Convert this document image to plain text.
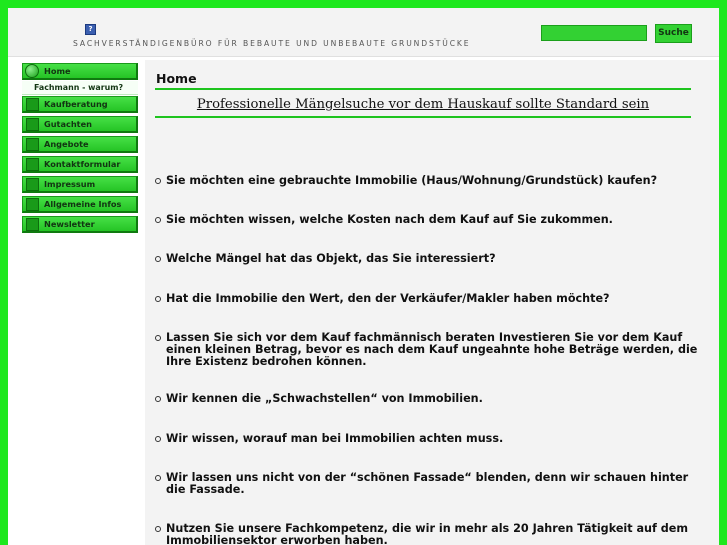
?
SACHVERSTÄNDIGENBÜRO FÜR BEBAUTE UND UNBEBAUTE GRUNDSTÜCKE
Suche
Home
Fachmann - warum?
Kaufberatung
Gutachten
Angebote
Kontaktformular
Impressum
Allgemeine Infos
Newsletter
Home
Professionelle Mängelsuche vor dem Hauskauf sollte Standard sein
Sie möchten eine gebrauchte Immobilie (Haus/Wohnung/Grundstück) kaufen?
Sie möchten wissen, welche Kosten nach dem Kauf auf Sie zukommen.
Welche Mängel hat das Objekt, das Sie interessiert?
Hat die Immobilie den Wert, den der Verkäufer/Makler haben möchte?
Lassen Sie sich vor dem Kauf fachmännisch beraten Investieren Sie vor dem Kauf einen kleinen Betrag, bevor es nach dem Kauf ungeahnte hohe Beträge werden, die Ihre Existenz bedrohen können.
Wir kennen die „Schwachstellen“ von Immobilien.
Wir wissen, worauf man bei Immobilien achten muss.
Wir lassen uns nicht von der “schönen Fassade“ blenden, denn wir schauen hinter die Fassade.
Nutzen Sie unsere Fachkompetenz, die wir in mehr als 20 Jahren Tätigkeit auf dem Immobiliensektor erworben haben.
